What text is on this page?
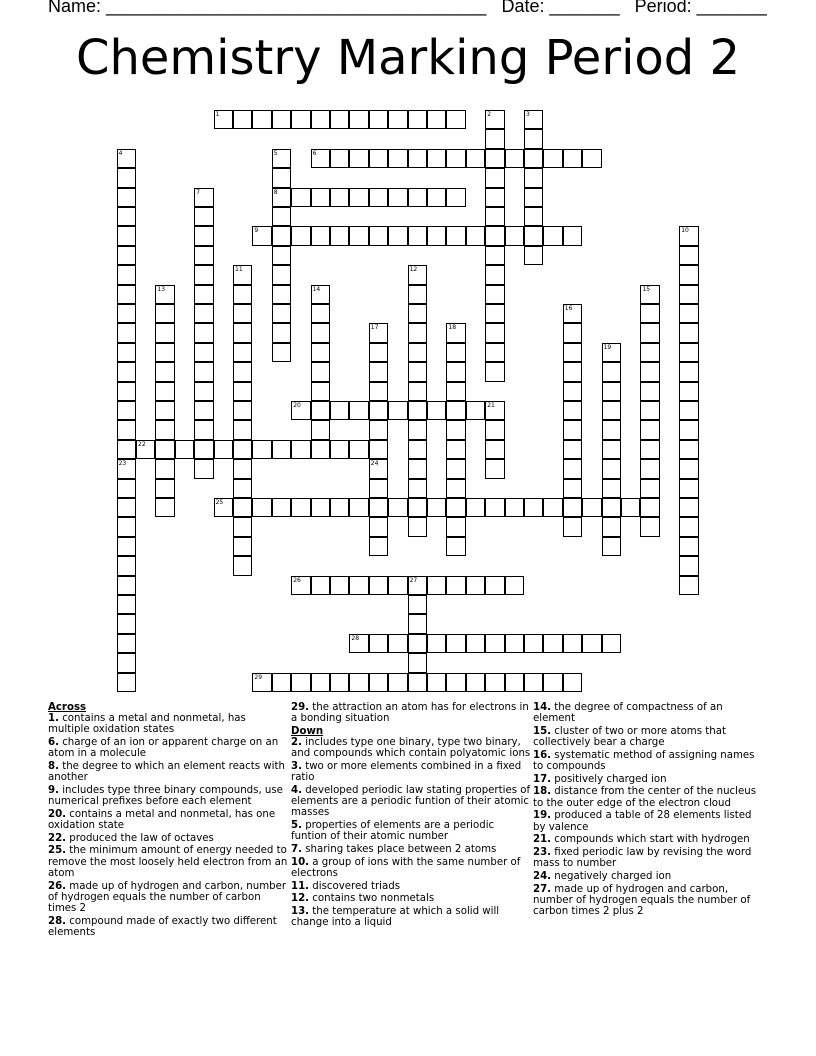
Name: ______________________________________ Date: _______ Period: _______
Chemistry Marking Period 2
1	2	3
4
23
5
8
6
7
9	10
11	12
13	14	15
16
17	18
19
20	21
22
24
25
26	27
28
29
Across
1. contains a metal and nonmetal, has multiple oxidation states
6. charge of an ion or apparent charge on an atom in a molecule
8. the degree to which an element reacts with another
9. includes type three binary compounds, use numerical prefixes before each element
20. contains a metal and nonmetal, has one oxidation state
22. produced the law of octaves
25. the minimum amount of energy needed to remove the most loosely held electron from an atom
26. made up of hydrogen and carbon, number of hydrogen equals the number of carbon times 2
28. compound made of exactly two different elements
29. the attraction an atom has for electrons in a bonding situation
Down
2. includes type one binary, type two binary, and compounds which contain polyatomic ions
3. two or more elements combined in a fixed ratio
4. developed periodic law stating properties of elements are a periodic funtion of their atomic masses
5. properties of elements are a periodic funtion of their atomic number
7. sharing takes place between 2 atoms
10. a group of ions with the same number of electrons
11. discovered triads
12. contains two nonmetals
13. the temperature at which a solid will change into a liquid
14. the degree of compactness of an element
15. cluster of two or more atoms that collectively bear a charge
16. systematic method of assigning names to compounds
17. positively charged ion
18. distance from the center of the nucleus to the outer edge of the electron cloud
19. produced a table of 28 elements listed by valence
21. compounds which start with hydrogen
23. fixed periodic law by revising the word mass to number
24. negatively charged ion
27. made up of hydrogen and carbon, number of hydrogen equals the number of carbon times 2 plus 2
